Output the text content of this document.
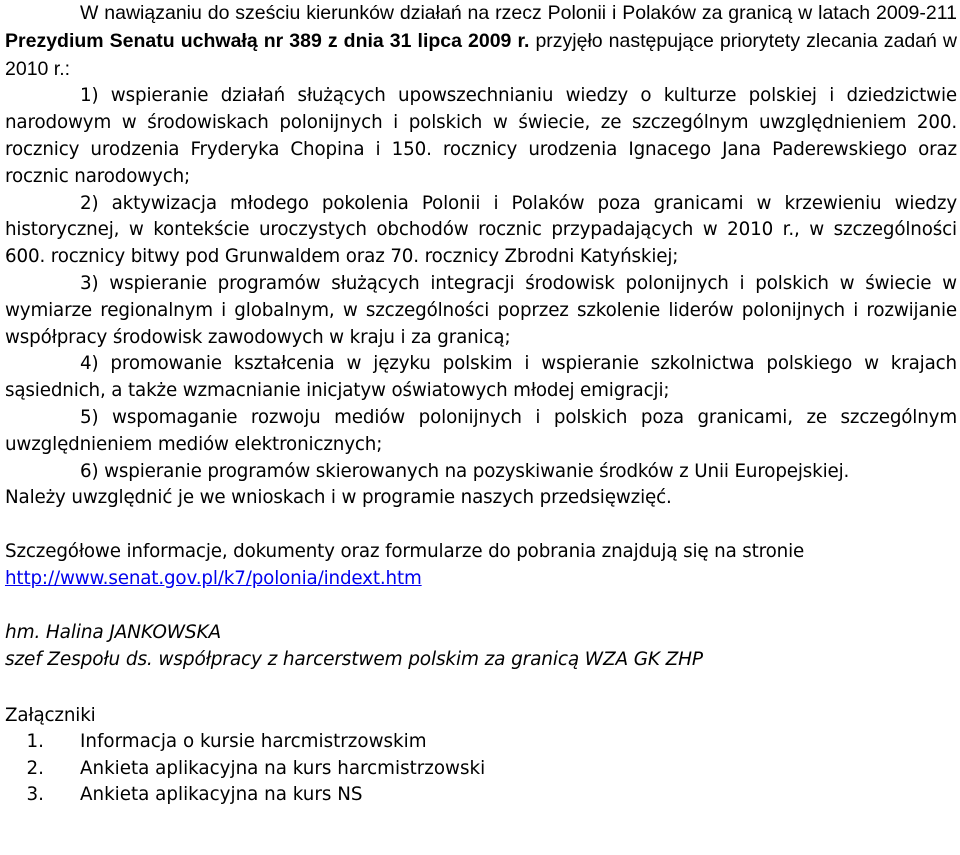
W nawiązaniu do sześciu kierunków działań na rzecz Polonii i Polaków za granicą w latach 2009-211 Prezydium Senatu uchwałą nr 389 z dnia 31 lipca 2009 r. przyjęło następujące priorytety zlecania zadań w 2010 r.:

1) wspieranie działań służących upowszechnianiu wiedzy o kulturze polskiej i dziedzictwie narodowym w środowiskach polonijnych i polskich w świecie, ze szczególnym uwzględnieniem 200. rocznicy urodzenia Fryderyka Chopina i 150. rocznicy urodzenia Ignacego Jana Paderewskiego oraz rocznic narodowych;

2) aktywizacja młodego pokolenia Polonii i Polaków poza granicami w krzewieniu wiedzy historycznej, w kontekście uroczystych obchodów rocznic przypadających w 2010 r., w szczególności 600. rocznicy bitwy pod Grunwaldem oraz 70. rocznicy Zbrodni Katyńskiej;

3) wspieranie programów służących integracji środowisk polonijnych i polskich w świecie w wymiarze regionalnym i globalnym, w szczególności poprzez szkolenie liderów polonijnych i rozwijanie współpracy środowisk zawodowych w kraju i za granicą;

4) promowanie kształcenia w języku polskim i wspieranie szkolnictwa polskiego w krajach sąsiednich, a także wzmacnianie inicjatyw oświatowych młodej emigracji;

5) wspomaganie rozwoju mediów polonijnych i polskich poza granicami, ze szczególnym uwzględnieniem mediów elektronicznych;

6) wspieranie programów skierowanych na pozyskiwanie środków z Unii Europejskiej.

Należy uwzględnić je we wnioskach i w programie naszych przedsięwzięć.

Szczegółowe informacje, dokumenty oraz formularze do pobrania znajdują się na stronie

http://www.senat.gov.pl/k7/polonia/indext.htm

hm. Halina JANKOWSKA

szef Zespołu ds. współpracy z harcerstwem polskim za granicą WZA GK ZHP

Załączniki

1.	Informacja o kursie harcmistrzowskim
2.	Ankieta aplikacyjna na kurs harcmistrzowski
3.	Ankieta aplikacyjna na kurs NS
